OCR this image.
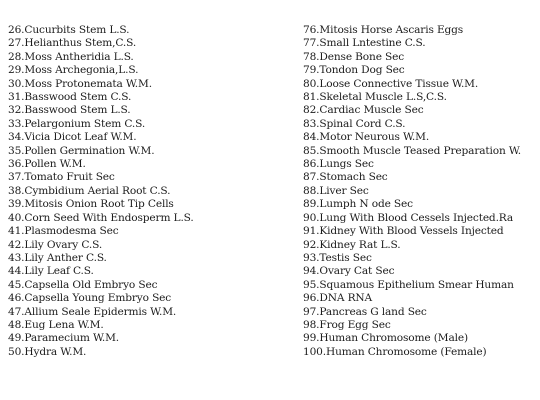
26. Cucurbits Stem L.S.
27. Helianthus Stem,C.S.
28. Moss Antheridia L.S.
29. Moss Archegonia,L.S.
30. Moss Protonemata W.M.
31. Basswood Stem C.S.
32. Basswood Stem L.S.
33. Pelargonium Stem C.S.
34. Vicia Dicot Leaf W.M.
35. Pollen Germination W.M.
36. Pollen W.M.
37. Tomato Fruit Sec
38. Cymbidium Aerial Root C.S.
39. Mitosis Onion Root Tip Cells
40. Corn Seed With Endosperm L.S.
41. Plasmodesma Sec
42. Lily Ovary C.S.
43. Lily Anther C.S.
44. Lily Leaf C.S.
45. Capsella Old Embryo Sec
46. Capsella Young Embryo Sec
47. Allium Seale Epidermis W.M.
48. Eug Lena W.M.
49. Paramecium W.M.
50. Hydra W.M.
76. Mitosis Horse Ascaris Eggs
77. Small Lntestine C.S.
78. Dense Bone Sec
79. Tondon Dog Sec
80. Loose Connective Tissue W.M.
81. Skeletal Muscle L.S,C.S.
82. Cardiac Muscle Sec
83. Spinal Cord C.S.
84. Motor Neurous W.M.
85. Smooth Muscle Teased Preparation W.
86. Lungs Sec
87. Stomach Sec
88. Liver Sec
89. Lumph N ode Sec
90. Lung With Blood Cessels Injected.Ra
91. Kidney With Blood Vessels Injected
92. Kidney Rat L.S.
93. Testis Sec
94. Ovary Cat Sec
95. Squamous Epithelium Smear Human
96. DNA RNA
97. Pancreas G land Sec
98. Frog Egg Sec
99. Human Chromosome (Male)
100. Human Chromosome (Female)
